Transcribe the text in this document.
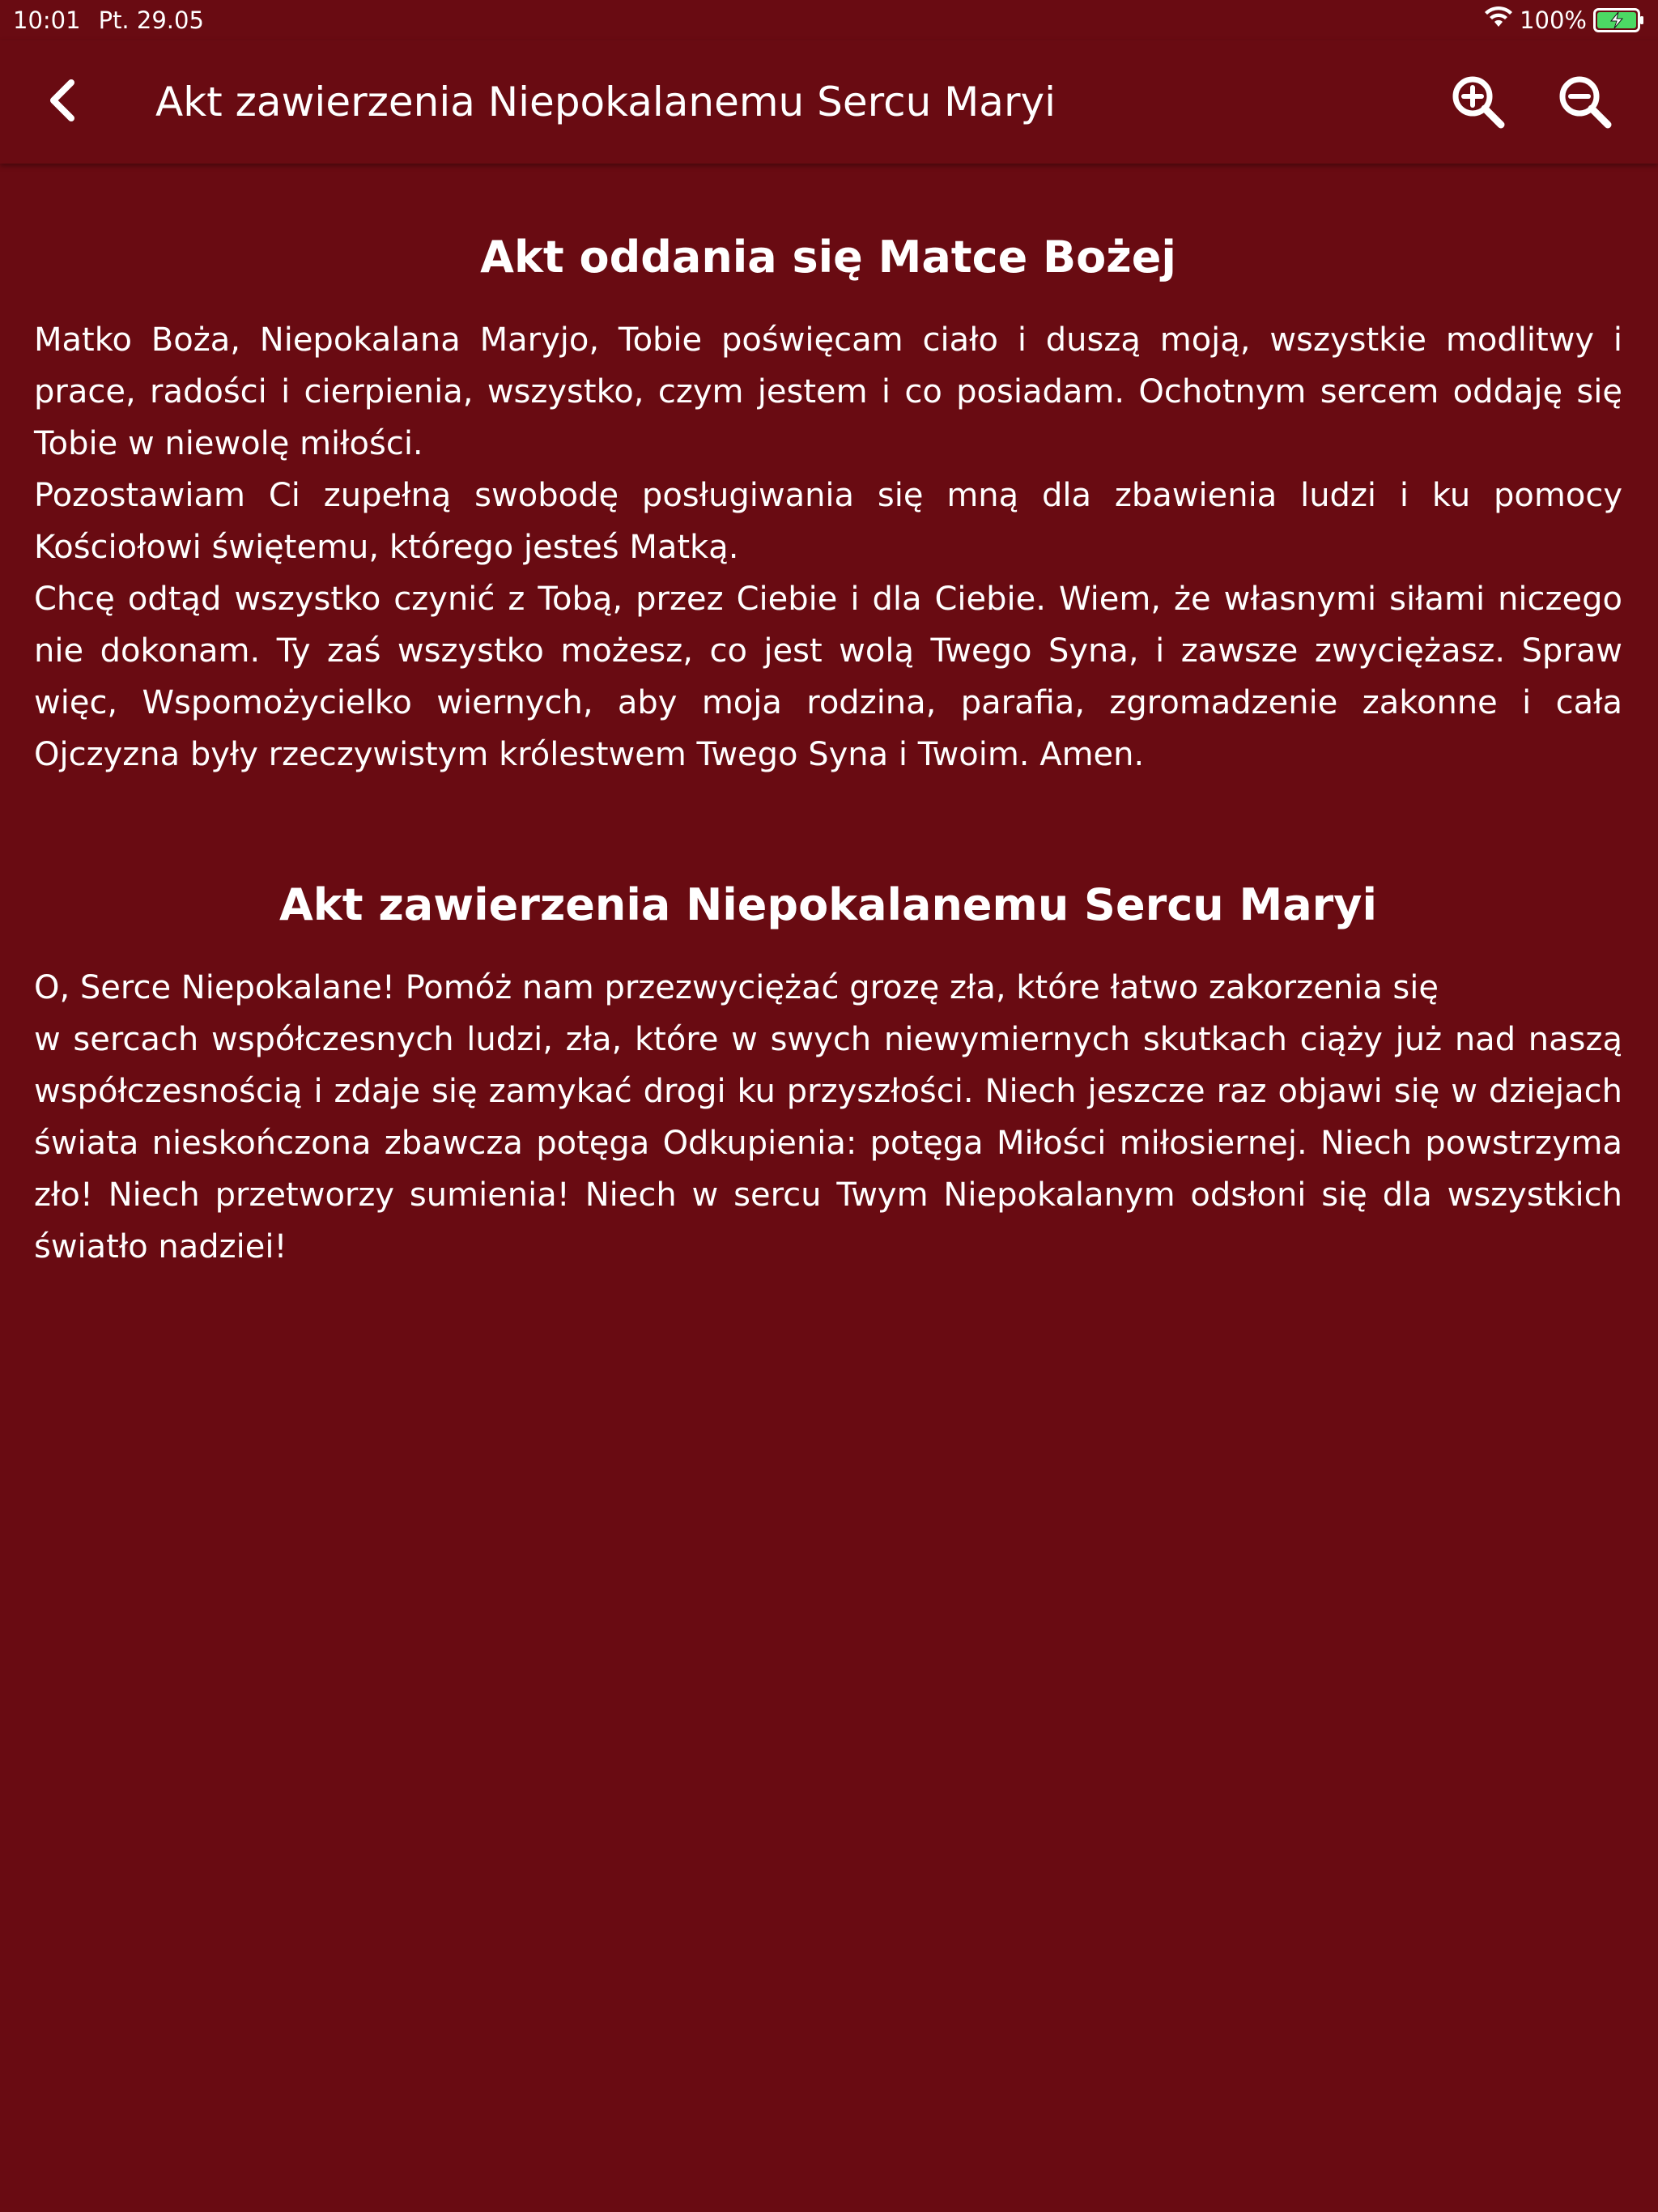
10:01 Pt. 29.05	100%
Akt zawierzenia Niepokalanemu Sercu Maryi
Akt oddania się Matce Bożej

Matko Boża, Niepokalana Maryjo, Tobie poświęcam ciało i duszą moją, wszystkie modlitwy i prace, radości i cierpienia, wszystko, czym jestem i co posiadam. Ochotnym sercem oddaję się Tobie w niewolę miłości.
Pozostawiam Ci zupełną swobodę posługiwania się mną dla zbawienia ludzi i ku pomocy Kościołowi świętemu, którego jesteś Matką.
Chcę odtąd wszystko czynić z Tobą, przez Ciebie i dla Ciebie. Wiem, że własnymi siłami niczego nie dokonam. Ty zaś wszystko możesz, co jest wolą Twego Syna, i zawsze zwyciężasz. Spraw więc, Wspomożycielko wiernych, aby moja rodzina, parafia, zgromadzenie zakonne i cała Ojczyzna były rzeczywistym królestwem Twego Syna i Twoim. Amen.

Akt zawierzenia Niepokalanemu Sercu Maryi

O, Serce Niepokalane! Pomóż nam przezwyciężać grozę zła, które łatwo zakorzenia się
w sercach współczesnych ludzi, zła, które w swych niewymiernych skutkach ciąży już nad naszą współczesnością i zdaje się zamykać drogi ku przyszłości. Niech jeszcze raz objawi się w dziejach świata nieskończona zbawcza potęga Odkupienia: potęga Miłości miłosiernej. Niech powstrzyma zło! Niech przetworzy sumienia! Niech w sercu Twym Niepokalanym odsłoni się dla wszystkich światło nadziei!
